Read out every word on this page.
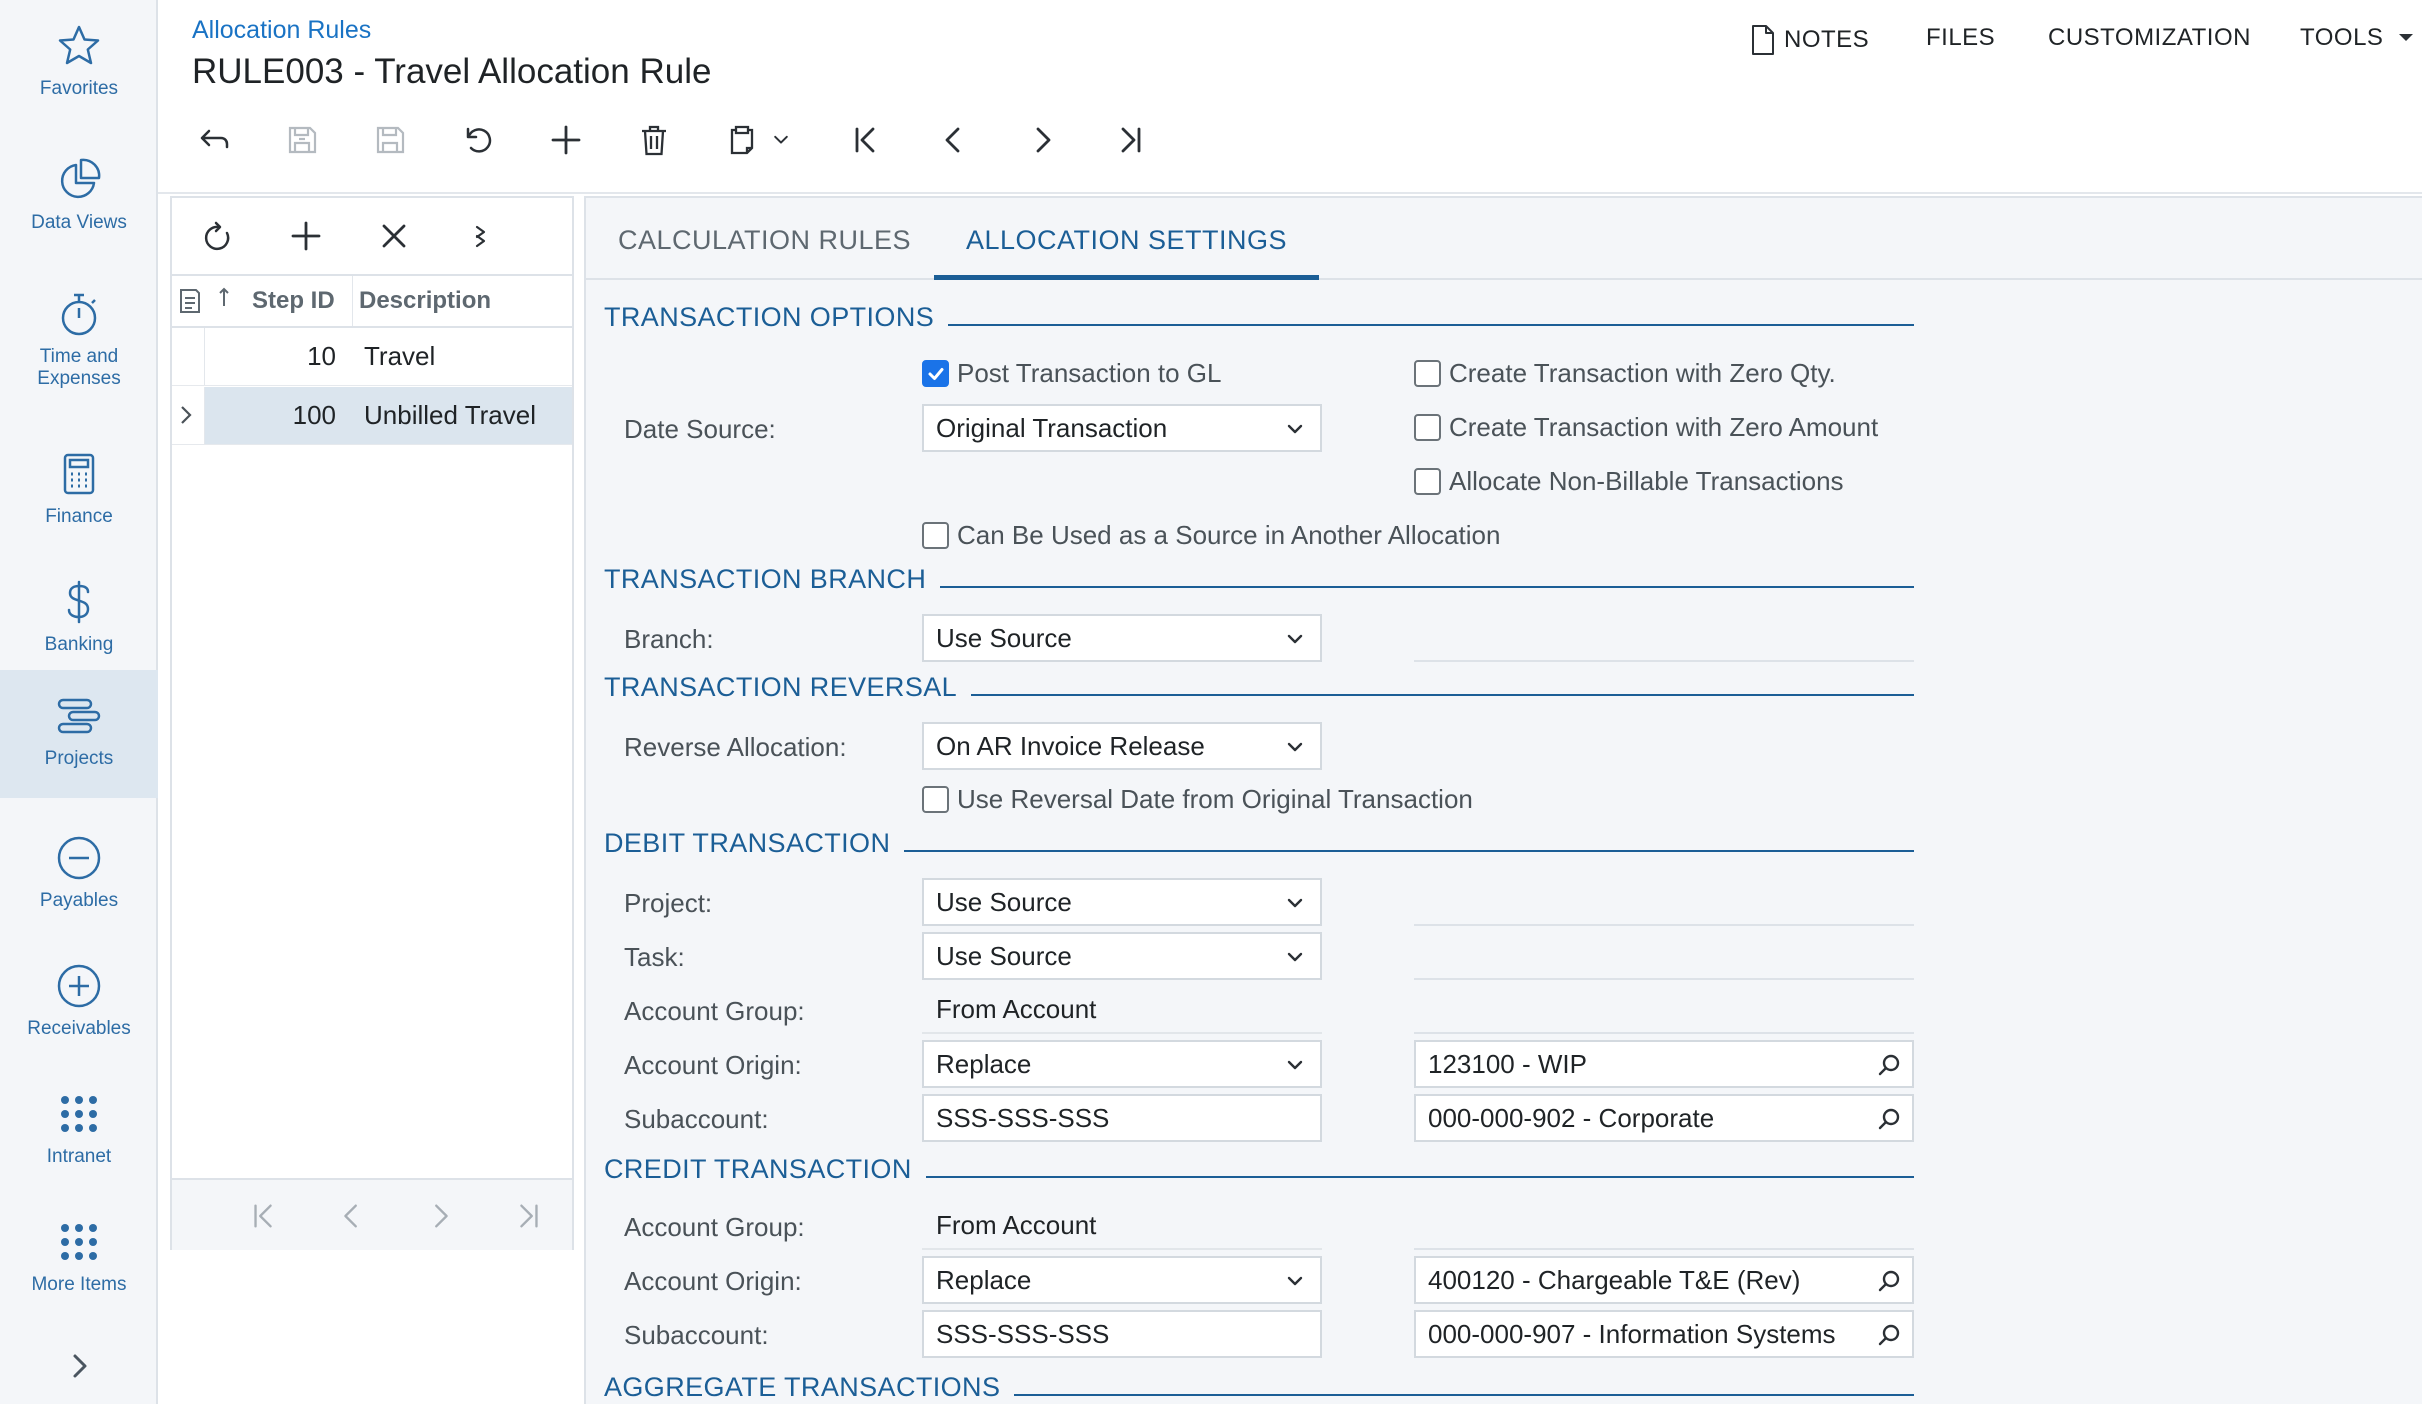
Favorites
Data Views
Time and Expenses
Finance
Banking
Projects
Payables
Receivables
Intranet
More Items
Allocation Rules
RULE003 - Travel Allocation Rule
NOTES FILES CUSTOMIZATION TOOLS
Step ID Description
10	Travel
100	Unbilled Travel
CALCULATION RULES	ALLOCATION SETTINGS
TRANSACTION OPTIONS
Post Transaction to GL	Create Transaction with Zero Qty.
Date Source:	Original Transaction	Create Transaction with Zero Amount
Allocate Non-Billable Transactions
Can Be Used as a Source in Another Allocation
TRANSACTION BRANCH
Branch:	Use Source
TRANSACTION REVERSAL
Reverse Allocation:	On AR Invoice Release
Use Reversal Date from Original Transaction
DEBIT TRANSACTION
Project:	Use Source
Task:	Use Source
Account Group:	From Account
Account Origin:	Replace	123100 - WIP
Subaccount:	SSS-SSS-SSS	000-000-902 - Corporate
CREDIT TRANSACTION
Account Group:	From Account
Account Origin:	Replace	400120 - Chargeable T&E (Rev)
Subaccount:	SSS-SSS-SSS	000-000-907 - Information Systems
AGGREGATE TRANSACTIONS
